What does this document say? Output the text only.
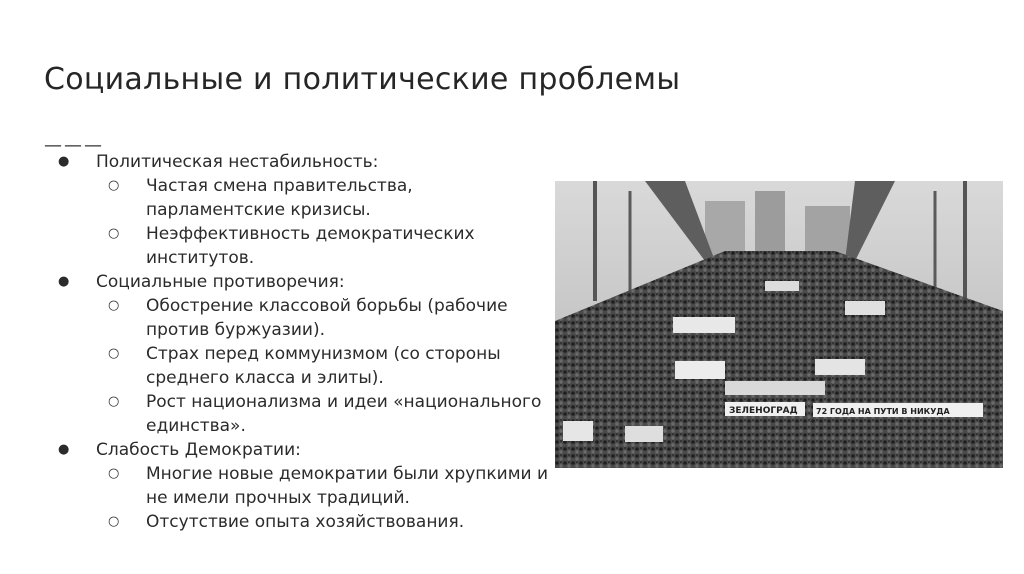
Социальные и политические проблемы
———
● Политическая нестабильность:
○ Частая смена правительства, парламентские кризисы.
○ Неэффективность демократических институтов.
● Социальные противоречия:
○ Обострение классовой борьбы (рабочие против буржуазии).
○ Страх перед коммунизмом (со стороны среднего класса и элиты).
○ Рост национализма и идеи «национального единства».
● Слабость Демократии:
○ Многие новые демократии были хрупкими и не имели прочных традиций.
○ Отсутствие опыта хозяйствования.
ЗЕЛЕНОГРАД 72 ГОДА НА ПУТИ В НИКУДА
